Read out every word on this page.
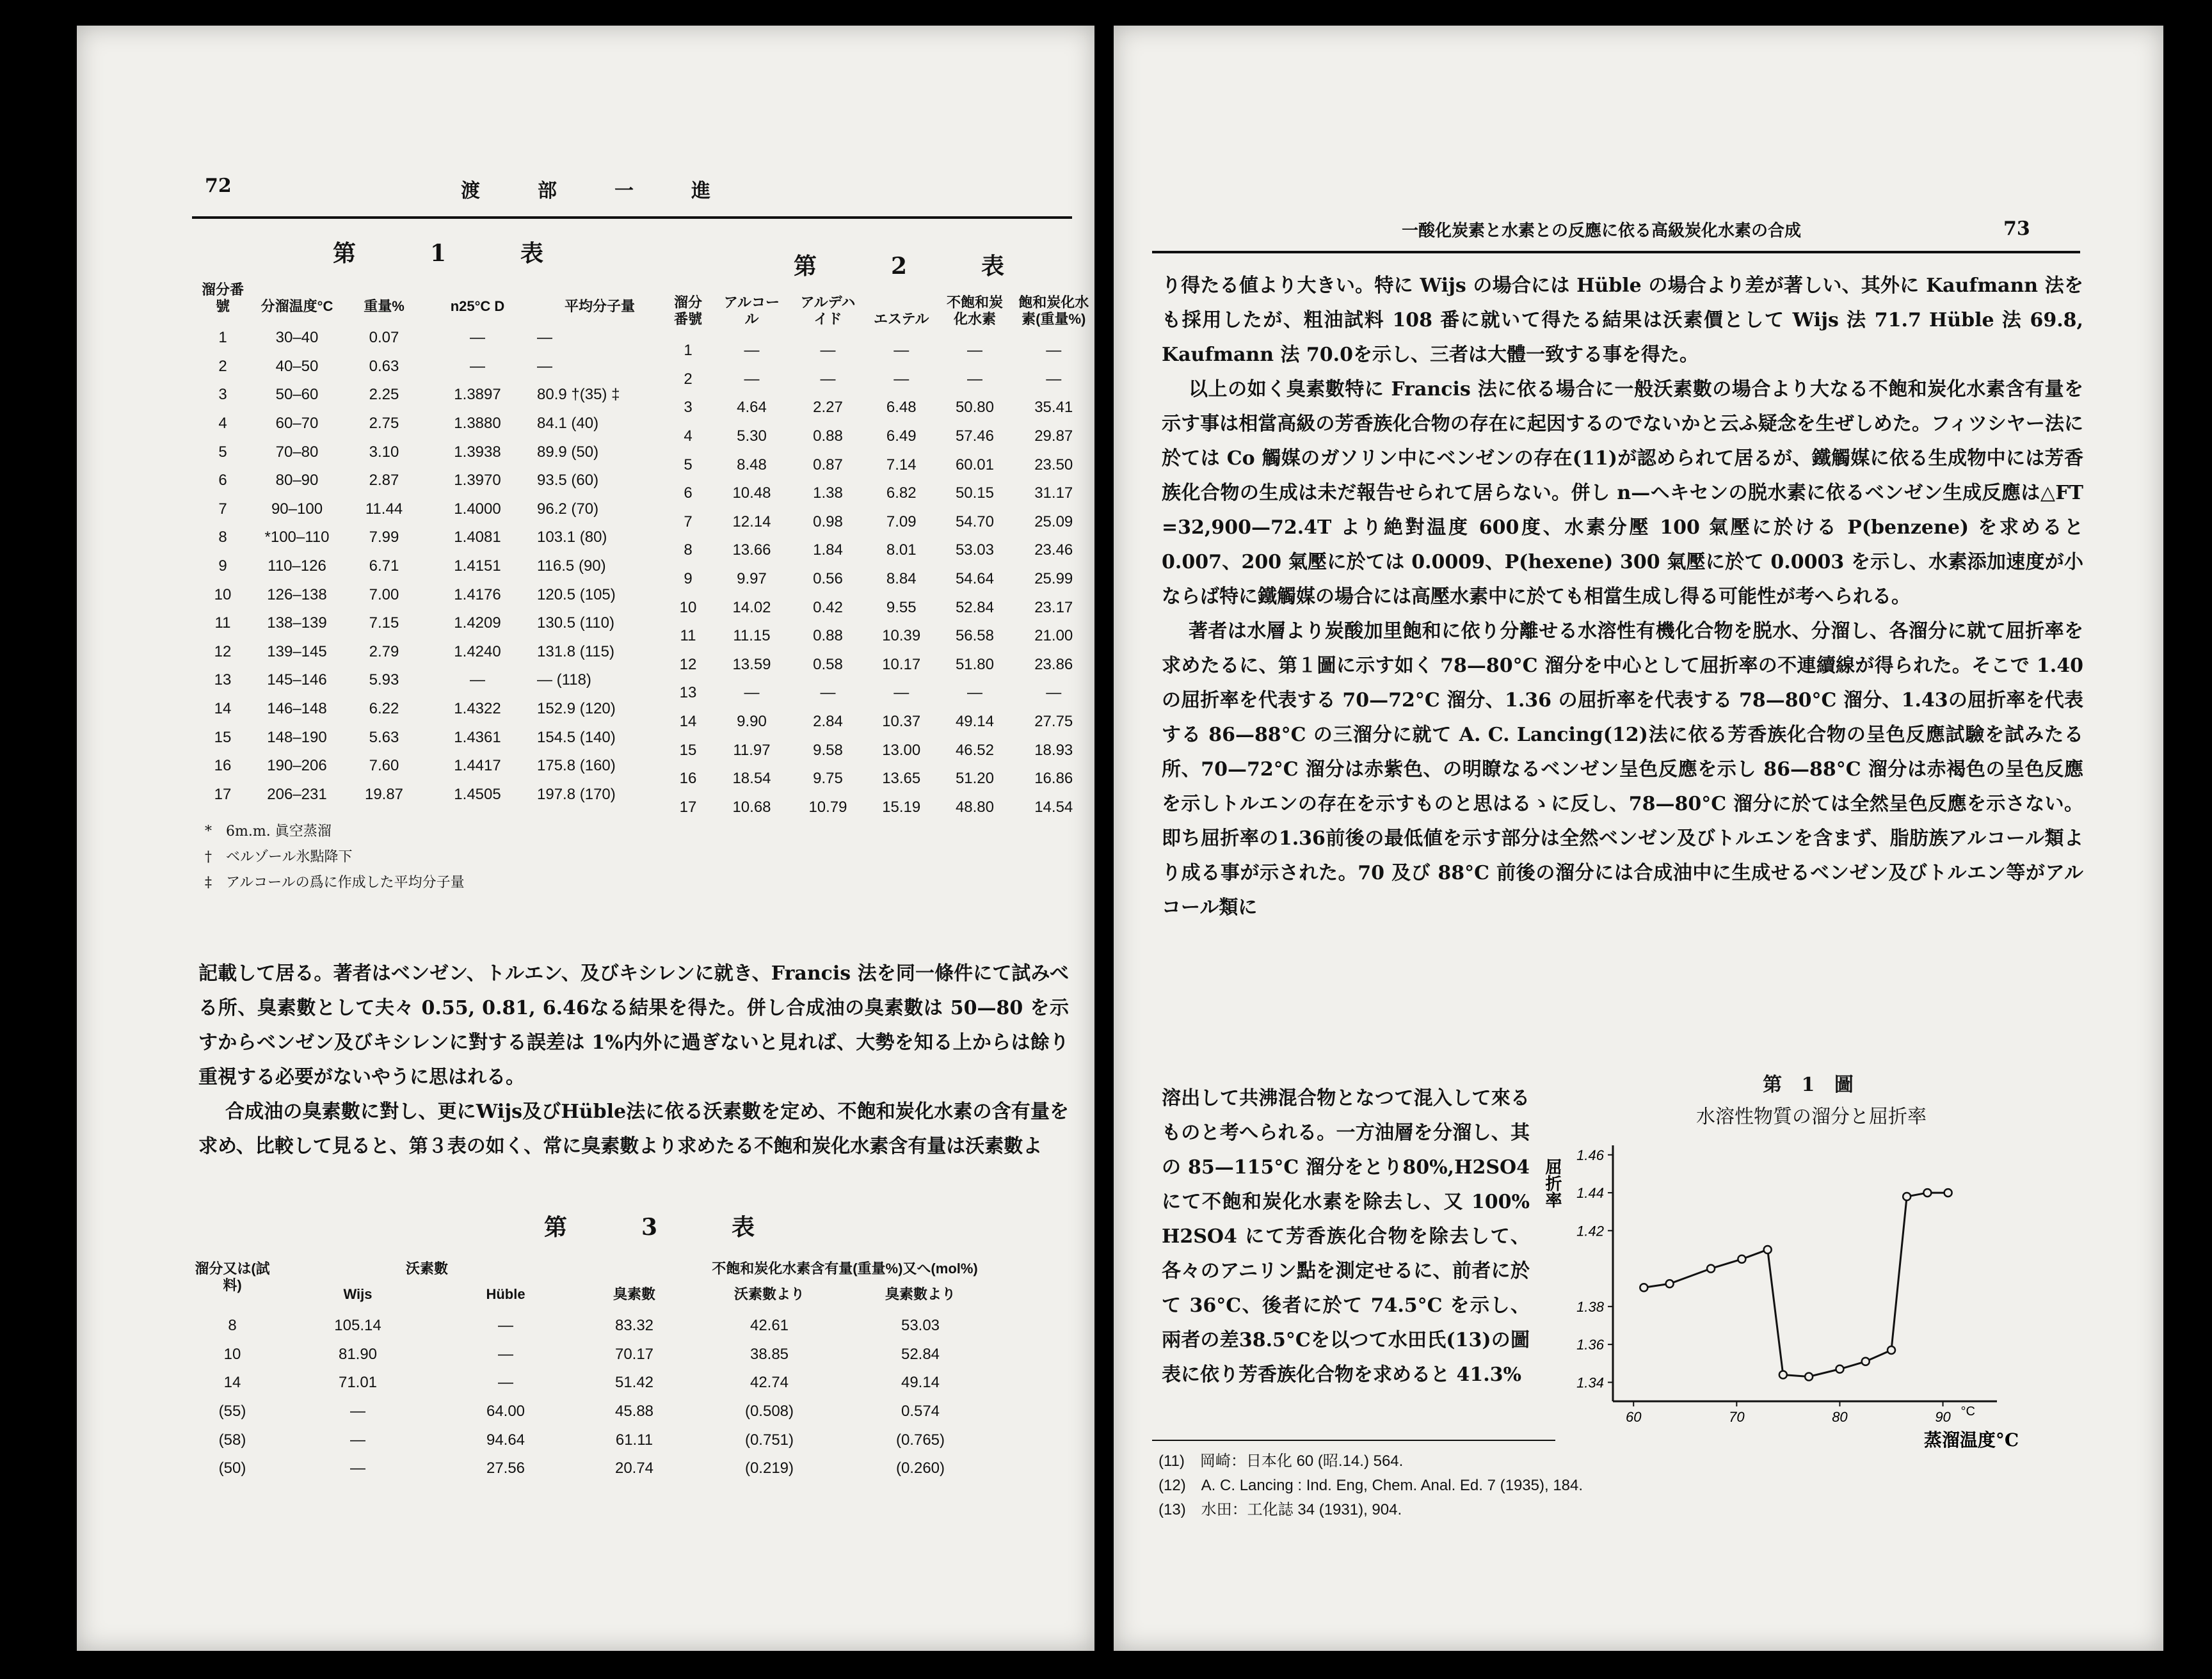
72	渡　部　一　進
第　1　表
溜分番號	分溜温度°C	重量%	n25°C D	平均分子量
1	30–40	0.07	—	—
2	40–50	0.63	—	—
3	50–60	2.25	1.3897	80.9 †(35) ‡
4	60–70	2.75	1.3880	84.1 (40)
5	70–80	3.10	1.3938	89.9 (50)
6	80–90	2.87	1.3970	93.5 (60)
7	90–100	11.44	1.4000	96.2 (70)
8	*100–110	7.99	1.4081	103.1 (80)
9	110–126	6.71	1.4151	116.5 (90)
10	126–138	7.00	1.4176	120.5 (105)
11	138–139	7.15	1.4209	130.5 (110)
12	139–145	2.79	1.4240	131.8 (115)
13	145–146	5.93	—	— (118)
14	146–148	6.22	1.4322	152.9 (120)
15	148–190	5.63	1.4361	154.5 (140)
16	190–206	7.60	1.4417	175.8 (160)
17	206–231	19.87	1.4505	197.8 (170)
*　6m.m. 眞空蒸溜
†　ベルゾール氷點降下
‡　アルコールの爲に作成した平均分子量
第　2　表
溜分番號	アルコール	アルデハイド	エステル	不飽和炭化水素	飽和炭化水素(重量%)
1	—	—	—	—	—
2	—	—	—	—	—
3	4.64	2.27	6.48	50.80	35.41
4	5.30	0.88	6.49	57.46	29.87
5	8.48	0.87	7.14	60.01	23.50
6	10.48	1.38	6.82	50.15	31.17
7	12.14	0.98	7.09	54.70	25.09
8	13.66	1.84	8.01	53.03	23.46
9	9.97	0.56	8.84	54.64	25.99
10	14.02	0.42	9.55	52.84	23.17
11	11.15	0.88	10.39	56.58	21.00
12	13.59	0.58	10.17	51.80	23.86
13	—	—	—	—	—
14	9.90	2.84	10.37	49.14	27.75
15	11.97	9.58	13.00	46.52	18.93
16	18.54	9.75	13.65	51.20	16.86
17	10.68	10.79	15.19	48.80	14.54

記載して居る。著者はベンゼン、トルエン、及びキシレンに就き、Francis 法を同一條件にて試みべる所、臭素數として夫々 0.55, 0.81, 6.46なる結果を得た。併し合成油の臭素數は 50—80 を示すからベンゼン及びキシレンに對する誤差は 1%内外に過ぎないと見れば、大勢を知る上からは餘り重視する必要がないやうに思はれる。

合成油の臭素數に對し、更にWijs及びHüble法に依る沃素數を定め、不飽和炭化水素の含有量を求め、比較して見ると、第３表の如く、常に臭素數より求めたる不飽和炭化水素含有量は沃素數よ

第　3　表
溜分又は(試料)	沃素數		臭素數	不飽和炭化水素含有量(重量%)又へ(mol%)	
	Wijs	Hüble		沃素數より	臭素數より
8	105.14	—	83.32	42.61	53.03
10	81.90	—	70.17	38.85	52.84
14	71.01	—	51.42	42.74	49.14
(55)	—	64.00	45.88	(0.508)	0.574
(58)	—	94.64	61.11	(0.751)	(0.765)
(50)	—	27.56	20.74	(0.219)	(0.260)
一酸化炭素と水素との反應に依る高級炭化水素の合成	73

り得たる値より大きい。特に Wijs の場合には Hüble の場合より差が著しい、其外に Kaufmann 法をも採用したが、粗油試料 108 番に就いて得たる結果は沃素價として Wijs 法 71.7 Hüble 法 69.8, Kaufmann 法 70.0を示し、三者は大體一致する事を得た。

以上の如く臭素數特に Francis 法に依る場合に一般沃素數の場合より大なる不飽和炭化水素含有量を示す事は相當高級の芳香族化合物の存在に起因するのでないかと云ふ疑念を生ぜしめた。フィツシヤー法に於ては Co 觸媒のガソリン中にベンゼンの存在(11)が認められて居るが、鐵觸媒に依る生成物中には芳香族化合物の生成は未だ報告せられて居らない。併し n—ヘキセンの脱水素に依るベンゼン生成反應は△FT =32,900—72.4T より絶對温度 600度、水素分壓 100 氣壓に於ける P(benzene) を求めると 0.007、200 氣壓に於ては 0.0009、P(hexene) 300 氣壓に於て 0.0003 を示し、水素添加速度が小ならば特に鐵觸媒の場合には高壓水素中に於ても相當生成し得る可能性が考へられる。

著者は水層より炭酸加里飽和に依り分離せる水溶性有機化合物を脱水、分溜し、各溜分に就て屈折率を求めたるに、第１圖に示す如く 78—80°C 溜分を中心として屈折率の不連續線が得られた。そこで 1.40 の屈折率を代表する 70—72°C 溜分、1.36 の屈折率を代表する 78—80°C 溜分、1.43の屈折率を代表する 86—88°C の三溜分に就て A. C. Lancing(12)法に依る芳香族化合物の呈色反應試驗を試みたる所、70—72°C 溜分は赤紫色、の明瞭なるベンゼン呈色反應を示し 86—88°C 溜分は赤褐色の呈色反應を示しトルエンの存在を示すものと思はるゝに反し、78—80°C 溜分に於ては全然呈色反應を示さない。即ち屈折率の1.36前後の最低値を示す部分は全然ベンゼン及びトルエンを含まず、脂肪族アルコール類より成る事が示された。70 及び 88°C 前後の溜分には合成油中に生成せるベンゼン及びトルエン等がアルコール類に

溶出して共沸混合物となつて混入して來るものと考へられる。一方油層を分溜し、其の 85—115°C 溜分をとり80%,H2SO4にて不飽和炭化水素を除去し、又 100% H2SO4 にて芳香族化合物を除去して、各々のアニリン點を測定せるに、前者に於て 36°C、後者に於て 74.5°C を示し、兩者の差38.5°Cを以つて水田氏(13)の圖表に依り芳香族化合物を求めると 41.3%

第 1 圖
水溶性物質の溜分と屈折率
1.46
1.44
1.42
1.38
1.36
1.34
60	70	80	90 °C
屈折率
蒸溜温度°C
(11)　岡崎：日本化 60 (昭.14.) 564.
(12)　A. C. Lancing : Ind. Eng, Chem. Anal. Ed. 7 (1935), 184.
(13)　水田：工化誌 34 (1931), 904.
